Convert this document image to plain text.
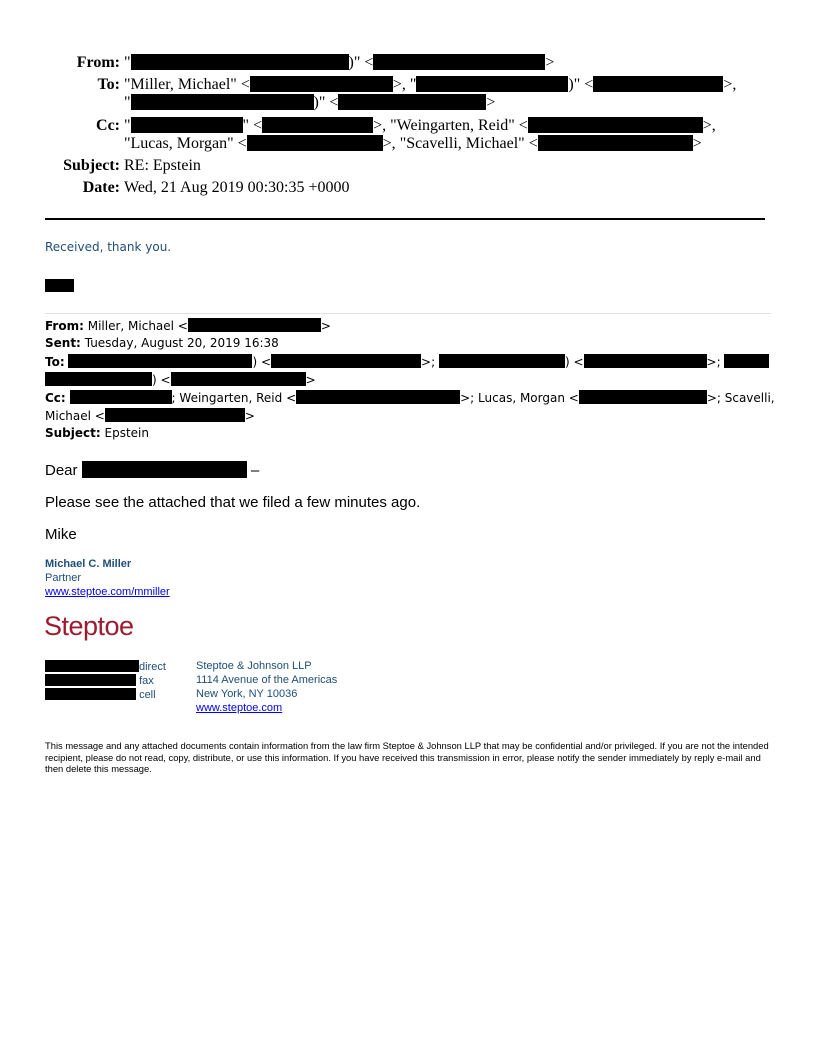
From: "	)" <	>
To: "Miller, Michael" <	>, "	)" <	>,
"	)" <	>
Cc: "	" <	>, "Weingarten, Reid" <	>,
"Lucas, Morgan" <	>, "Scavelli, Michael" <	>
Subject: RE: Epstein
Date: Wed, 21 Aug 2019 00:30:35 +0000
Received, thank you.
From: Miller, Michael <	>
Sent: Tuesday, August 20, 2019 16:38
To:	) <	>;	) <	>;
) <	>
Cc:	; Weingarten, Reid <	>; Lucas, Morgan <	>; Scavelli,
Michael <	>
Subject: Epstein
Dear	–
Please see the attached that we filed a few minutes ago.
Mike
Michael C. Miller
Partner
www.steptoe.com/mmiller
Steptoe
direct
fax
cell
Steptoe & Johnson LLP
1114 Avenue of the Americas
New York, NY 10036
www.steptoe.com
This message and any attached documents contain information from the law firm Steptoe & Johnson LLP that may be confidential and/or privileged. If you are not the intended recipient, please do not read, copy, distribute, or use this information. If you have received this transmission in error, please notify the sender immediately by reply e-mail and then delete this message.
